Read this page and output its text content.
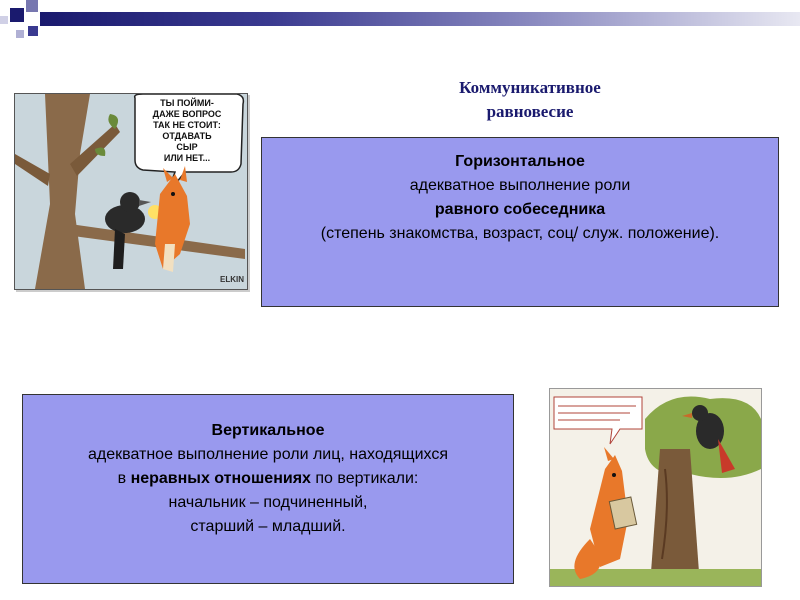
Коммуникативное
равновесие
ТЫ ПОЙМИ-
ДАЖЕ ВОПРОС
ТАК НЕ СТОИТ:
ОТДАВАТЬ
СЫР
ИЛИ НЕТ...
ELKIN
Горизонтальное
адекватное выполнение роли
равного собеседника
(степень знакомства, возраст, соц/ служ. положение).
Вертикальное
адекватное выполнение роли лиц, находящихся
в неравных отношениях по вертикали:
начальник – подчиненный,
старший – младший.
